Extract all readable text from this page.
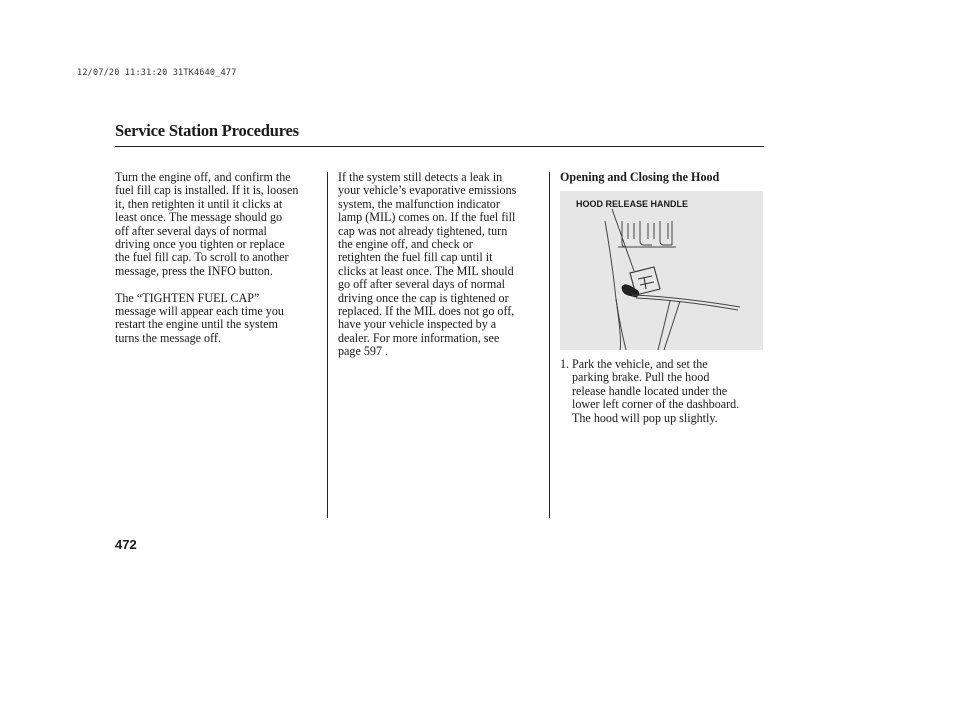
12/07/20 11:31:20 31TK4640_477
Service Station Procedures

Turn the engine off, and confirm the
fuel fill cap is installed. If it is, loosen
it, then retighten it until it clicks at
least once. The message should go
off after several days of normal
driving once you tighten or replace
the fuel fill cap. To scroll to another
message, press the INFO button.

The “TIGHTEN FUEL CAP”
message will appear each time you
restart the engine until the system
turns the message off.

If the system still detects a leak in
your vehicle’s evaporative emissions
system, the malfunction indicator
lamp (MIL) comes on. If the fuel fill
cap was not already tightened, turn
the engine off, and check or
retighten the fuel fill cap until it
clicks at least once. The MIL should
go off after several days of normal
driving once the cap is tightened or
replaced. If the MIL does not go off,
have your vehicle inspected by a
dealer. For more information, see
page 597 .

Opening and Closing the Hood

HOOD RELEASE HANDLE

1. Park the vehicle, and set the
parking brake. Pull the hood
release handle located under the
lower left corner of the dashboard.
The hood will pop up slightly.

472
